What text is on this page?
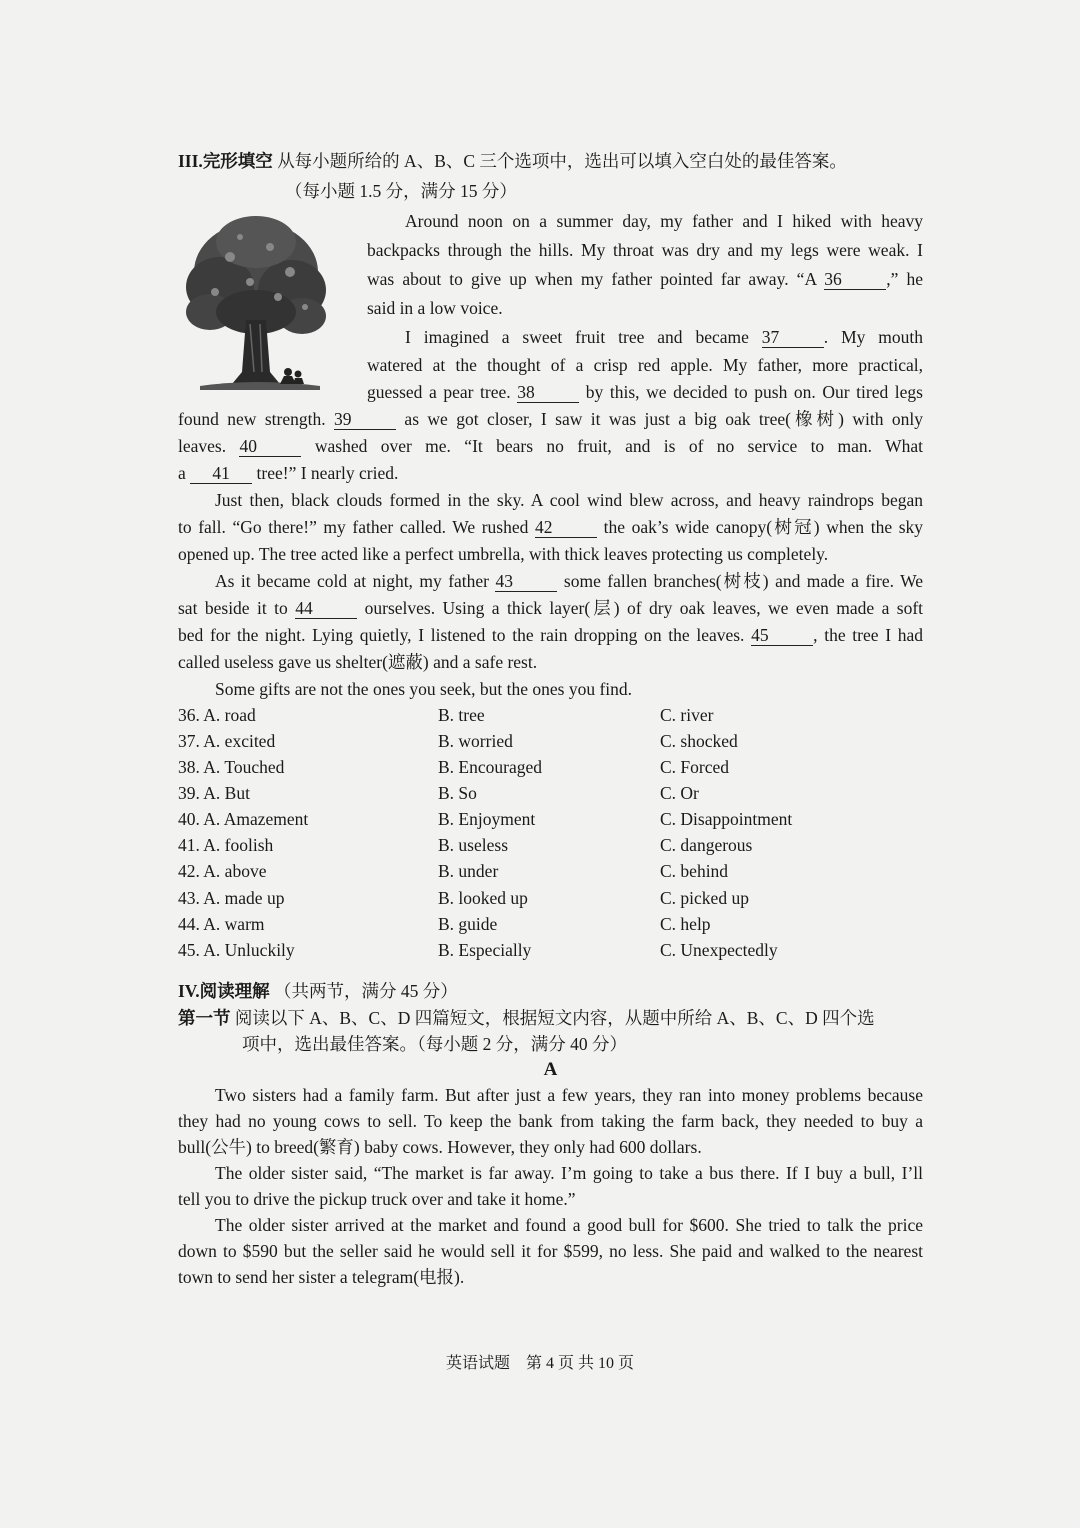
III.完形填空 从每小题所给的 A、B、C 三个选项中，选出可以填入空白处的最佳答案。
（每小题 1.5 分，满分 15 分）
Around noon on a summer day, my father and I hiked with heavy
backpacks through the hills. My throat was dry and my legs were weak. I
was about to give up when my father pointed far away. “A 36	,” he
said in a low voice.
I imagined a sweet fruit tree and became 37	. My mouth
watered at the thought of a crisp red apple. My father, more practical,
guessed a pear tree. 38	by this, we decided to push on. Our tired legs
found new strength. 39	as we got closer, I saw it was just a big oak tree(橡树) with only
leaves. 40	washed over me. “It bears no fruit, and is of no service to man. What
a 41 tree!” I nearly cried.
Just then, black clouds formed in the sky. A cool wind blew across, and heavy raindrops began
to fall. “Go there!” my father called. We rushed 42	the oak’s wide canopy(树冠) when the sky
opened up. The tree acted like a perfect umbrella, with thick leaves protecting us completely.
As it became cold at night, my father 43	some fallen branches(树枝) and made a fire. We
sat beside it to 44	ourselves. Using a thick layer(层) of dry oak leaves, we even made a soft
bed for the night. Lying quietly, I listened to the rain dropping on the leaves. 45	, the tree I had
called useless gave us shelter(遮蔽) and a safe rest.
Some gifts are not the ones you seek, but the ones you find.
36. A. road	B. tree	C. river
37. A. excited	B. worried	C. shocked
38. A. Touched	B. Encouraged	C. Forced
39. A. But	B. So	C. Or
40. A. Amazement	B. Enjoyment	C. Disappointment
41. A. foolish	B. useless	C. dangerous
42. A. above	B. under	C. behind
43. A. made up	B. looked up	C. picked up
44. A. warm	B. guide	C. help
45. A. Unluckily	B. Especially	C. Unexpectedly
IV.阅读理解 （共两节，满分 45 分）
第一节 阅读以下 A、B、C、D 四篇短文，根据短文内容，从题中所给 A、B、C、D 四个选
项中，选出最佳答案。（每小题 2 分，满分 40 分）
A
Two sisters had a family farm. But after just a few years, they ran into money problems because
they had no young cows to sell. To keep the bank from taking the farm back, they needed to buy a
bull(公牛) to breed(繁育) baby cows. However, they only had 600 dollars.
The older sister said, “The market is far away. I’m going to take a bus there. If I buy a bull, I’ll
tell you to drive the pickup truck over and take it home.”
The older sister arrived at the market and found a good bull for $600. She tried to talk the price
down to $590 but the seller said he would sell it for $599, no less. She paid and walked to the nearest
town to send her sister a telegram(电报).
英语试题 第 4 页 共 10 页
